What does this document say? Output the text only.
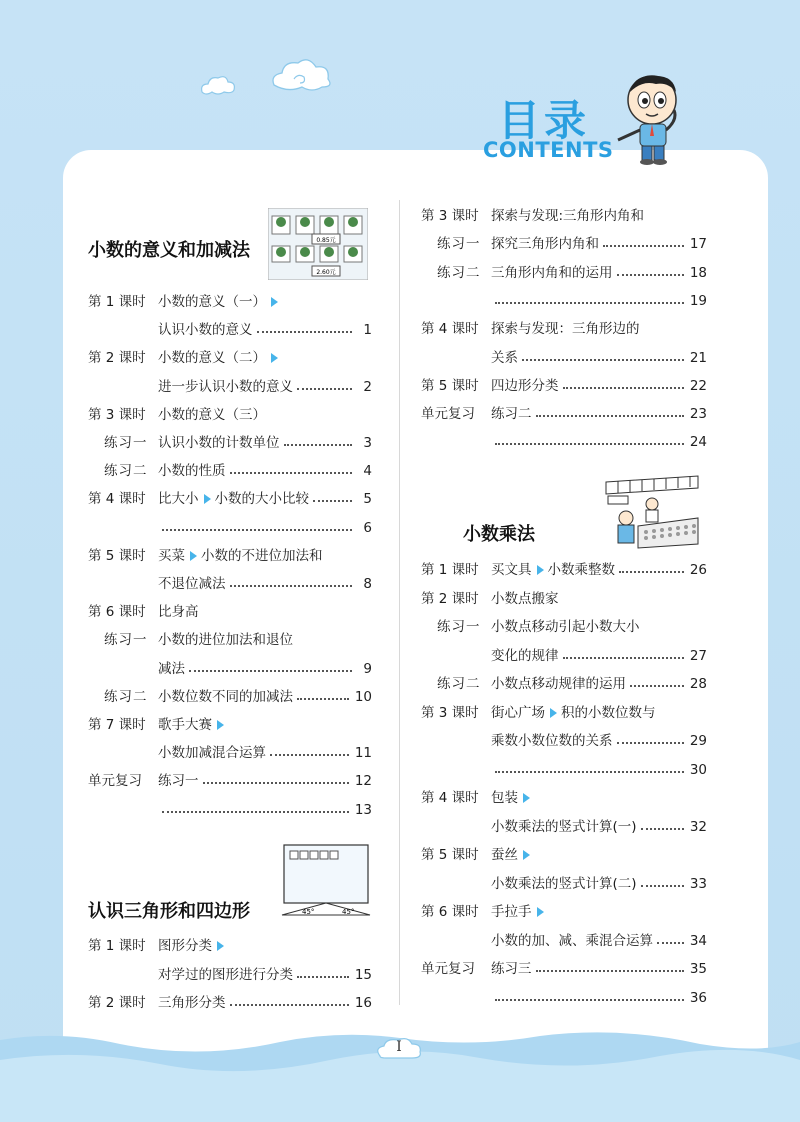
目录
CONTENTS
I
小数的意义和加减法	0.85元
2.60元
第 1 课时 小数的意义（一）
认识小数的意义	1
第 2 课时 小数的意义（二）
进一步认识小数的意义	2
第 3 课时 小数的意义（三）
练习一 认识小数的计数单位	3
练习二 小数的性质	4
第 4 课时 比大小 小数的大小比较	5
6
第 5 课时 买菜 小数的不进位加法和
不退位减法	8
第 6 课时 比身高
练习一 小数的进位加法和退位
减法	9
练习二 小数位数不同的加减法	10
第 7 课时 歌手大赛
小数加减混合运算	11
单元复习	练习一	12
13
45°	45°
认识三角形和四边形
第 1 课时 图形分类
对学过的图形进行分类	15
第 2 课时 三角形分类	16
第 3 课时 探索与发现:三角形内角和
练习一 探究三角形内角和	17
练习二 三角形内角和的运用	18
19
第 4 课时 探索与发现：三角形边的
关系	21
第 5 课时 四边形分类	22
单元复习	练习二	23
24
小数乘法
第 1 课时 买文具 小数乘整数	26
第 2 课时 小数点搬家
练习一 小数点移动引起小数大小
变化的规律	27
练习二 小数点移动规律的运用	28
第 3 课时 街心广场 积的小数位数与
乘数小数位数的关系	29
30
第 4 课时 包装
小数乘法的竖式计算(一)	32
第 5 课时 蚕丝
小数乘法的竖式计算(二)	33
第 6 课时 手拉手
小数的加、减、乘混合运算	34
单元复习	练习三	35
36
